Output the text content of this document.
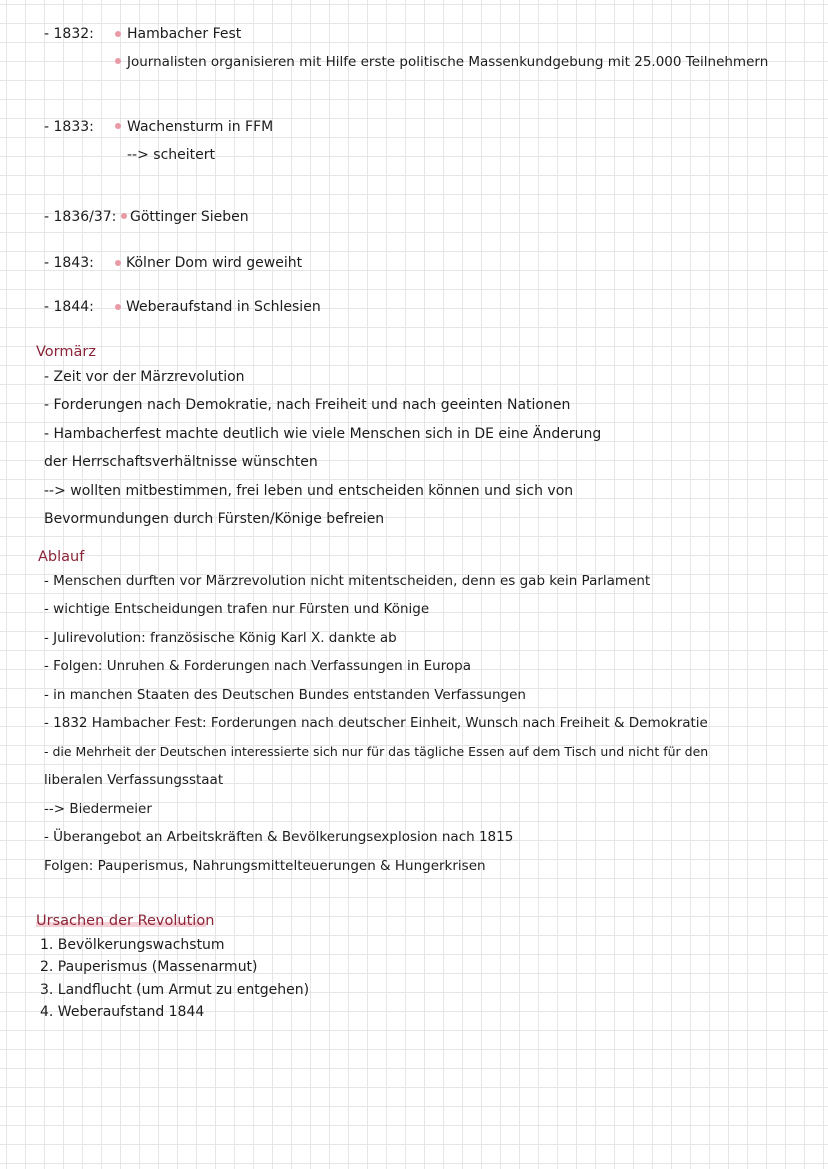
- 1832: Hambacher Fest
Journalisten organisieren mit Hilfe erste politische Massenkundgebung mit 25.000 Teilnehmern
- 1833: Wachensturm in FFM
--> scheitert
- 1836/37: Göttinger Sieben
- 1843: Kölner Dom wird geweiht
- 1844: Weberaufstand in Schlesien
Vormärz
- Zeit vor der Märzrevolution
- Forderungen nach Demokratie, nach Freiheit und nach geeinten Nationen
- Hambacherfest machte deutlich wie viele Menschen sich in DE eine Änderung
der Herrschaftsverhältnisse wünschten
--> wollten mitbestimmen, frei leben und entscheiden können und sich von
Bevormundungen durch Fürsten/Könige befreien
Ablauf
- Menschen durften vor Märzrevolution nicht mitentscheiden, denn es gab kein Parlament
- wichtige Entscheidungen trafen nur Fürsten und Könige
- Julirevolution: französische König Karl X. dankte ab
- Folgen: Unruhen & Forderungen nach Verfassungen in Europa
- in manchen Staaten des Deutschen Bundes entstanden Verfassungen
- 1832 Hambacher Fest: Forderungen nach deutscher Einheit, Wunsch nach Freiheit & Demokratie
- die Mehrheit der Deutschen interessierte sich nur für das tägliche Essen auf dem Tisch und nicht für den
liberalen Verfassungsstaat
--> Biedermeier
- Überangebot an Arbeitskräften & Bevölkerungsexplosion nach 1815
Folgen: Pauperismus, Nahrungsmittelteuerungen & Hungerkrisen
Ursachen der Revolution
1. Bevölkerungswachstum
2. Pauperismus (Massenarmut)
3. Landflucht (um Armut zu entgehen)
4. Weberaufstand 1844
